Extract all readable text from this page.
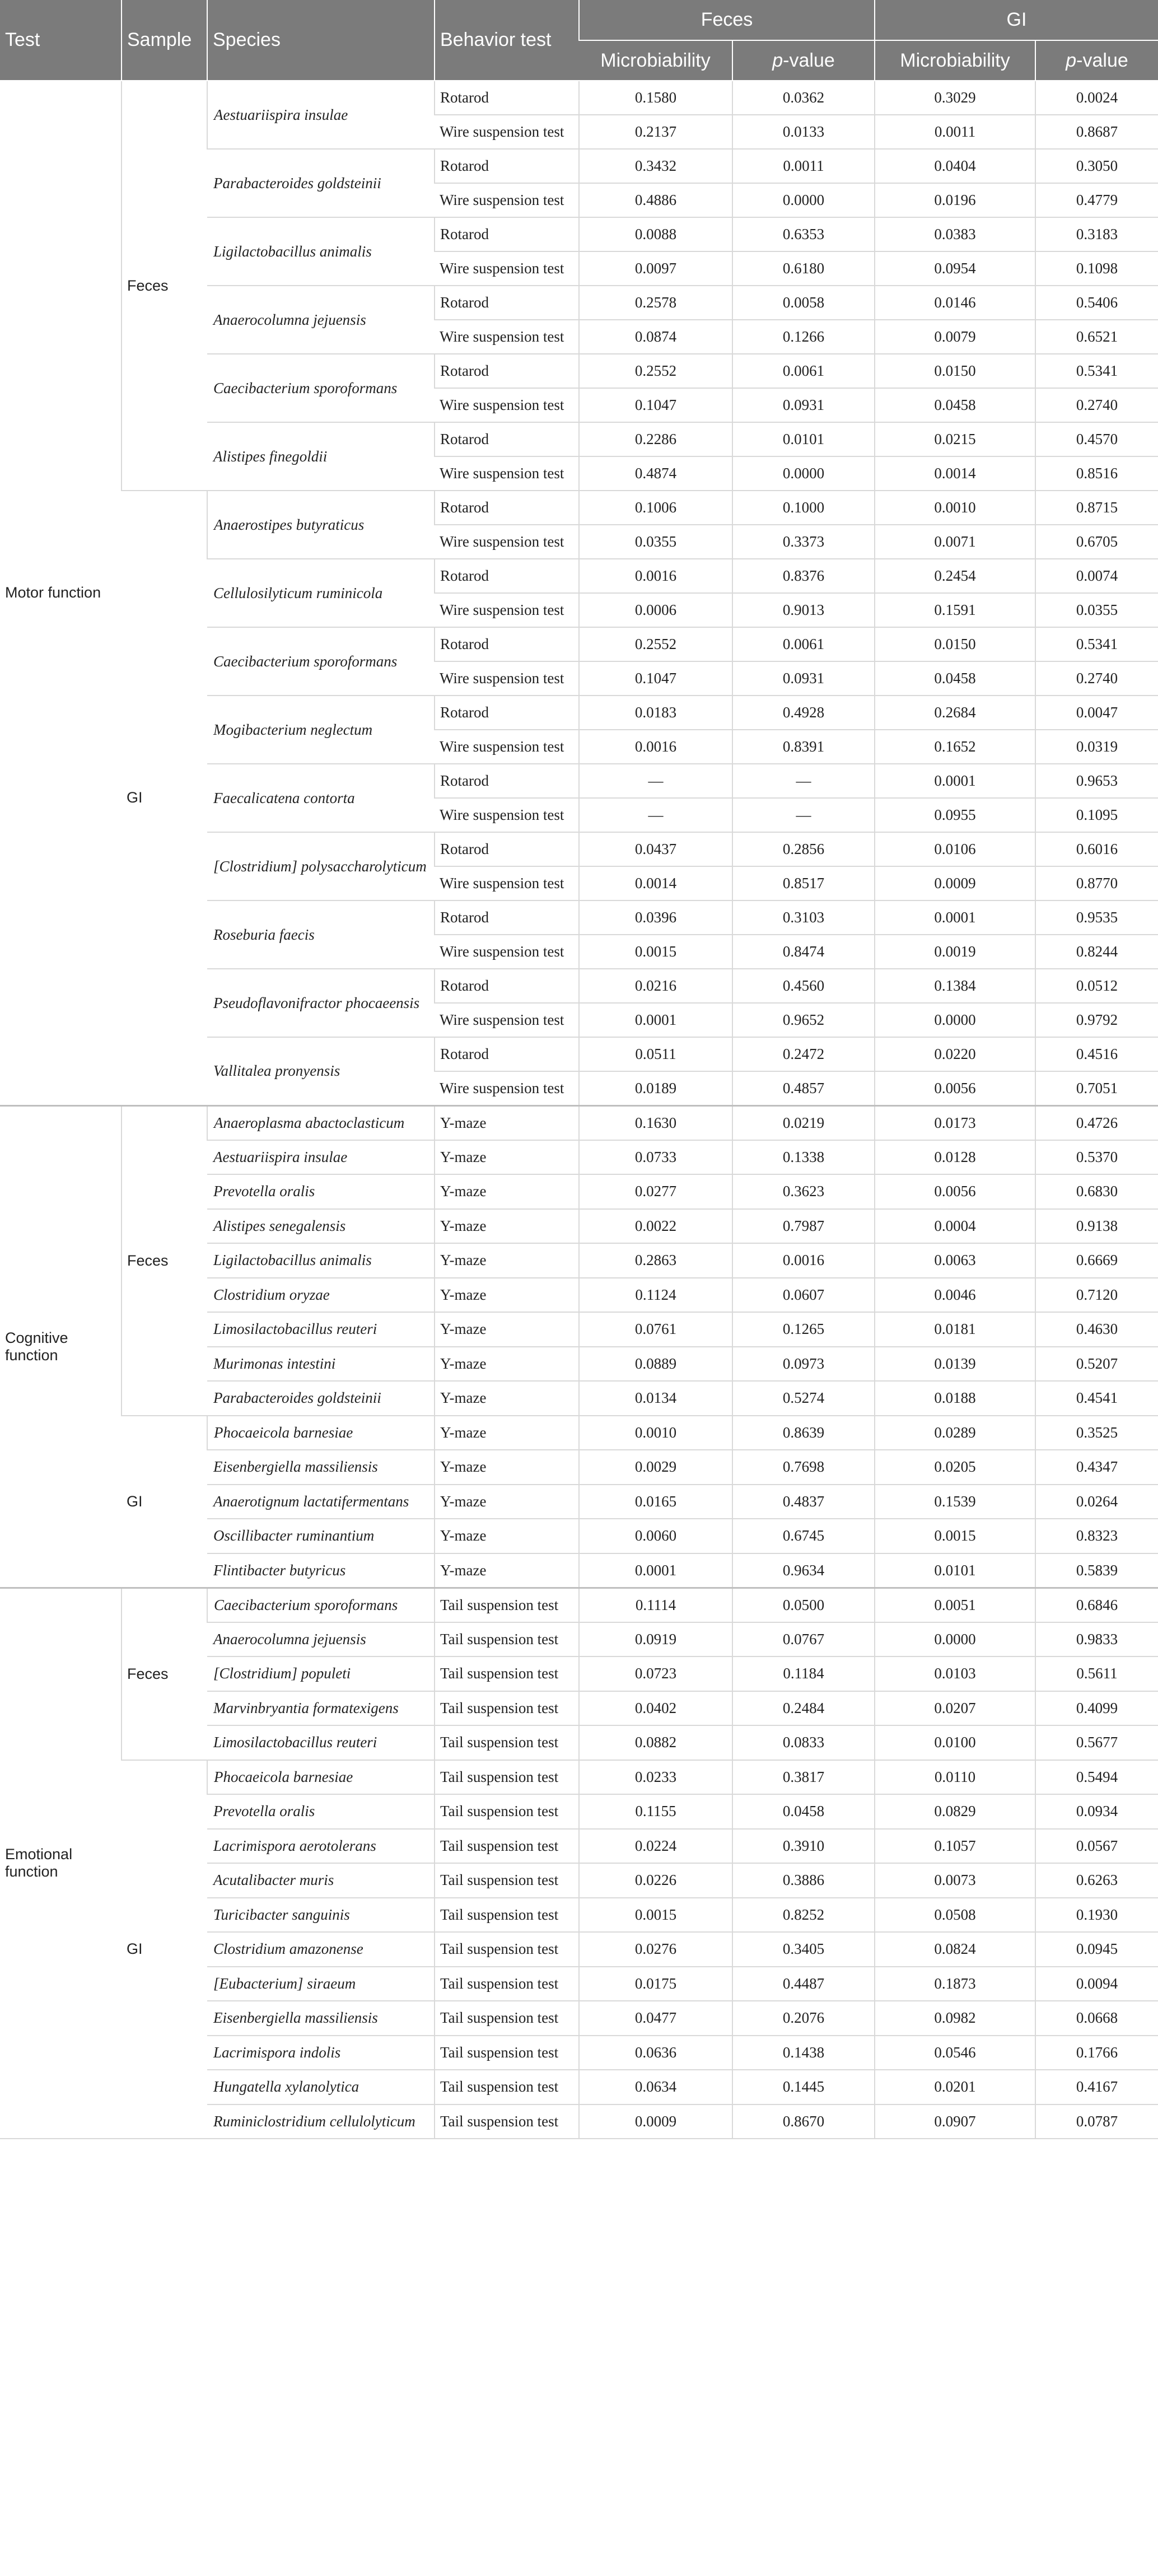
Test	Sample	Species	Behavior test	Feces		GI	
				Microbiability	p-value	Microbiability	p-value
Motor function	Feces	Aestuariispira insulae	Rotarod	0.1580	0.0362	0.3029	0.0024
			Wire suspension test	0.2137	0.0133	0.0011	0.8687
		Parabacteroides goldsteinii	Rotarod	0.3432	0.0011	0.0404	0.3050
			Wire suspension test	0.4886	0.0000	0.0196	0.4779
		Ligilactobacillus animalis	Rotarod	0.0088	0.6353	0.0383	0.3183
			Wire suspension test	0.0097	0.6180	0.0954	0.1098
		Anaerocolumna jejuensis	Rotarod	0.2578	0.0058	0.0146	0.5406
			Wire suspension test	0.0874	0.1266	0.0079	0.6521
		Caecibacterium sporoformans	Rotarod	0.2552	0.0061	0.0150	0.5341
			Wire suspension test	0.1047	0.0931	0.0458	0.2740
		Alistipes finegoldii	Rotarod	0.2286	0.0101	0.0215	0.4570
			Wire suspension test	0.4874	0.0000	0.0014	0.8516
	GI	Anaerostipes butyraticus	Rotarod	0.1006	0.1000	0.0010	0.8715
			Wire suspension test	0.0355	0.3373	0.0071	0.6705
		Cellulosilyticum ruminicola	Rotarod	0.0016	0.8376	0.2454	0.0074
			Wire suspension test	0.0006	0.9013	0.1591	0.0355
		Caecibacterium sporoformans	Rotarod	0.2552	0.0061	0.0150	0.5341
			Wire suspension test	0.1047	0.0931	0.0458	0.2740
		Mogibacterium neglectum	Rotarod	0.0183	0.4928	0.2684	0.0047
			Wire suspension test	0.0016	0.8391	0.1652	0.0319
		Faecalicatena contorta	Rotarod	—	—	0.0001	0.9653
			Wire suspension test	—	—	0.0955	0.1095
		[Clostridium] polysaccharolyticum	Rotarod	0.0437	0.2856	0.0106	0.6016
			Wire suspension test	0.0014	0.8517	0.0009	0.8770
		Roseburia faecis	Rotarod	0.0396	0.3103	0.0001	0.9535
			Wire suspension test	0.0015	0.8474	0.0019	0.8244
		Pseudoflavonifractor phocaeensis	Rotarod	0.0216	0.4560	0.1384	0.0512
			Wire suspension test	0.0001	0.9652	0.0000	0.9792
		Vallitalea pronyensis	Rotarod	0.0511	0.2472	0.0220	0.4516
			Wire suspension test	0.0189	0.4857	0.0056	0.7051
Cognitive function	Feces	Anaeroplasma abactoclasticum	Y-maze	0.1630	0.0219	0.0173	0.4726
		Aestuariispira insulae	Y-maze	0.0733	0.1338	0.0128	0.5370
		Prevotella oralis	Y-maze	0.0277	0.3623	0.0056	0.6830
		Alistipes senegalensis	Y-maze	0.0022	0.7987	0.0004	0.9138
		Ligilactobacillus animalis	Y-maze	0.2863	0.0016	0.0063	0.6669
		Clostridium oryzae	Y-maze	0.1124	0.0607	0.0046	0.7120
		Limosilactobacillus reuteri	Y-maze	0.0761	0.1265	0.0181	0.4630
		Murimonas intestini	Y-maze	0.0889	0.0973	0.0139	0.5207
		Parabacteroides goldsteinii	Y-maze	0.0134	0.5274	0.0188	0.4541
	GI	Phocaeicola barnesiae	Y-maze	0.0010	0.8639	0.0289	0.3525
		Eisenbergiella massiliensis	Y-maze	0.0029	0.7698	0.0205	0.4347
		Anaerotignum lactatifermentans	Y-maze	0.0165	0.4837	0.1539	0.0264
		Oscillibacter ruminantium	Y-maze	0.0060	0.6745	0.0015	0.8323
		Flintibacter butyricus	Y-maze	0.0001	0.9634	0.0101	0.5839
Emotional function	Feces	Caecibacterium sporoformans	Tail suspension test	0.1114	0.0500	0.0051	0.6846
		Anaerocolumna jejuensis	Tail suspension test	0.0919	0.0767	0.0000	0.9833
		[Clostridium] populeti	Tail suspension test	0.0723	0.1184	0.0103	0.5611
		Marvinbryantia formatexigens	Tail suspension test	0.0402	0.2484	0.0207	0.4099
		Limosilactobacillus reuteri	Tail suspension test	0.0882	0.0833	0.0100	0.5677
	GI	Phocaeicola barnesiae	Tail suspension test	0.0233	0.3817	0.0110	0.5494
		Prevotella oralis	Tail suspension test	0.1155	0.0458	0.0829	0.0934
		Lacrimispora aerotolerans	Tail suspension test	0.0224	0.3910	0.1057	0.0567
		Acutalibacter muris	Tail suspension test	0.0226	0.3886	0.0073	0.6263
		Turicibacter sanguinis	Tail suspension test	0.0015	0.8252	0.0508	0.1930
		Clostridium amazonense	Tail suspension test	0.0276	0.3405	0.0824	0.0945
		[Eubacterium] siraeum	Tail suspension test	0.0175	0.4487	0.1873	0.0094
		Eisenbergiella massiliensis	Tail suspension test	0.0477	0.2076	0.0982	0.0668
		Lacrimispora indolis	Tail suspension test	0.0636	0.1438	0.0546	0.1766
		Hungatella xylanolytica	Tail suspension test	0.0634	0.1445	0.0201	0.4167
		Ruminiclostridium cellulolyticum	Tail suspension test	0.0009	0.8670	0.0907	0.0787
